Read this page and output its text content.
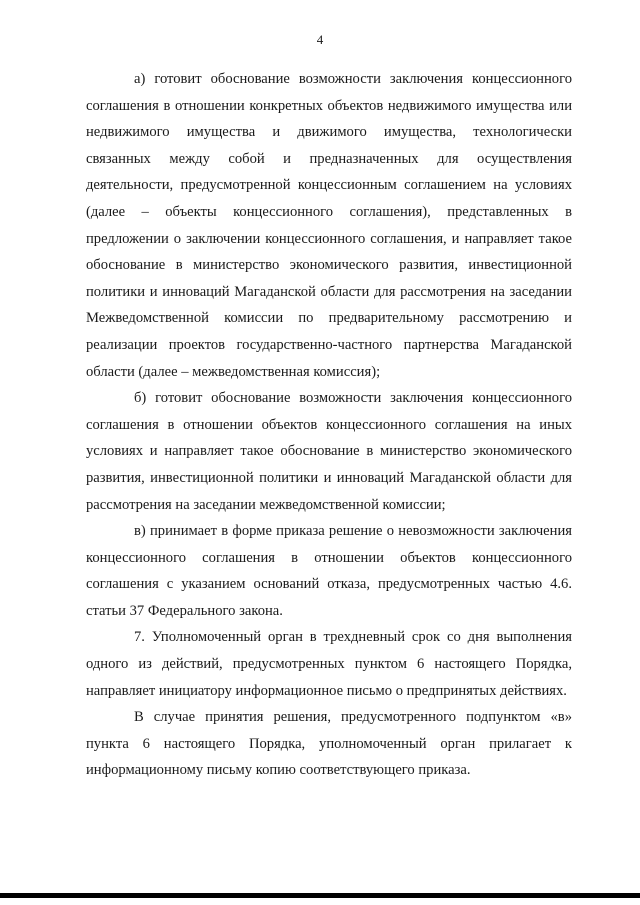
4

а) готовит обоснование возможности заключения концессионного соглашения в отношении конкретных объектов недвижимого имущества или недвижимого имущества и движимого имущества, технологически связанных между собой и предназначенных для осуществления деятельности, предусмотренной концессионным соглашением на условиях (далее – объекты концессионного соглашения), представленных в предложении о заключении концессионного соглашения, и направляет такое обоснование в министерство экономического развития, инвестиционной политики и инноваций Магаданской области для рассмотрения на заседании Межведомственной комиссии по предварительному рассмотрению и реализации проектов государственно-частного партнерства Магаданской области (далее – межведомственная комиссия);

б) готовит обоснование возможности заключения концессионного соглашения в отношении объектов концессионного соглашения на иных условиях и направляет такое обоснование в министерство экономического развития, инвестиционной политики и инноваций Магаданской области для рассмотрения на заседании межведомственной комиссии;

в) принимает в форме приказа решение о невозможности заключения концессионного соглашения в отношении объектов концессионного соглашения с указанием оснований отказа, предусмотренных частью 4.6. статьи 37 Федерального закона.

7. Уполномоченный орган в трехдневный срок со дня выполнения одного из действий, предусмотренных пунктом 6 настоящего Порядка, направляет инициатору информационное письмо о предпринятых действиях.

В случае принятия решения, предусмотренного подпунктом «в» пункта 6 настоящего Порядка, уполномоченный орган прилагает к информационному письму копию соответствующего приказа.
